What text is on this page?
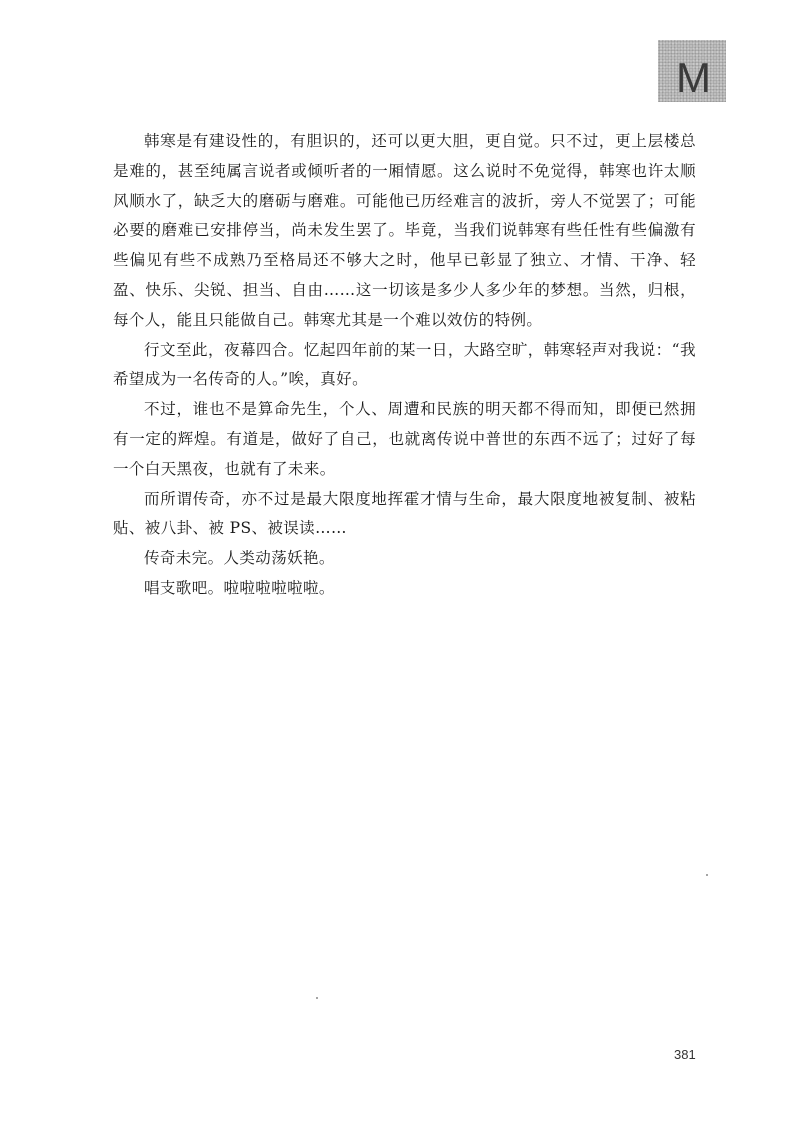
M

韩寒是有建设性的，有胆识的，还可以更大胆，更自觉。只不过，更上层楼总是难的，甚至纯属言说者或倾听者的一厢情愿。这么说时不免觉得，韩寒也许太顺风顺水了，缺乏大的磨砺与磨难。可能他已历经难言的波折，旁人不觉罢了；可能必要的磨难已安排停当，尚未发生罢了。毕竟，当我们说韩寒有些任性有些偏激有些偏见有些不成熟乃至格局还不够大之时，他早已彰显了独立、才情、干净、轻盈、快乐、尖锐、担当、自由……这一切该是多少人多少年的梦想。当然，归根，每个人，能且只能做自己。韩寒尤其是一个难以效仿的特例。

行文至此，夜幕四合。忆起四年前的某一日，大路空旷，韩寒轻声对我说：“我希望成为一名传奇的人。”唉，真好。

不过，谁也不是算命先生，个人、周遭和民族的明天都不得而知，即便已然拥有一定的辉煌。有道是，做好了自己，也就离传说中普世的东西不远了；过好了每一个白天黑夜，也就有了未来。

而所谓传奇，亦不过是最大限度地挥霍才情与生命，最大限度地被复制、被粘贴、被八卦、被 PS、被误读……

传奇未完。人类动荡妖艳。

唱支歌吧。啦啦啦啦啦啦。

381
